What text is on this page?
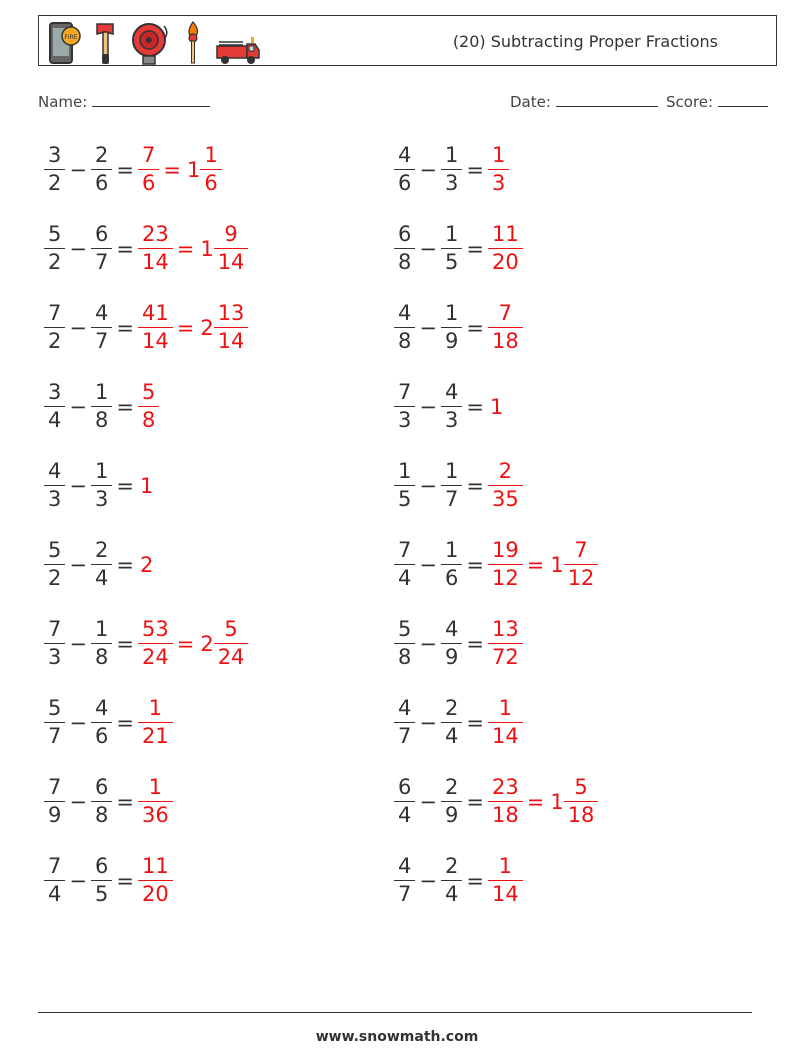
FIRE	(20) Subtracting Proper Fractions
Name:	Date:	Score:
$\frac{3}{2} - \frac{2}{6} = \frac{7}{6} = 1 \frac{1}{6}$	$\frac{4}{6} - \frac{1}{3} = \frac{1}{3}$
$\frac{5}{2} - \frac{6}{7} = \frac{23}{14} = 1 \frac{9}{14}$	$\frac{6}{8} - \frac{1}{5} = \frac{11}{20}$
$\frac{7}{2} - \frac{4}{7} = \frac{41}{14} = 2 \frac{13}{14}$	$\frac{4}{8} - \frac{1}{9} = \frac{7}{18}$
$\frac{3}{4} - \frac{1}{8} = \frac{5}{8}$	$\frac{7}{3} - \frac{4}{3} = 1$
$\frac{4}{3} - \frac{1}{3} = 1$	$\frac{1}{5} - \frac{1}{7} = \frac{2}{35}$
$\frac{5}{2} - \frac{2}{4} = 2$	$\frac{7}{4} - \frac{1}{6} = \frac{19}{12} = 1 \frac{7}{12}$
$\frac{7}{3} - \frac{1}{8} = \frac{53}{24} = 2 \frac{5}{24}$	$\frac{5}{8} - \frac{4}{9} = \frac{13}{72}$
$\frac{5}{7} - \frac{4}{6} = \frac{1}{21}$	$\frac{4}{7} - \frac{2}{4} = \frac{1}{14}$
$\frac{7}{9} - \frac{6}{8} = \frac{1}{36}$	$\frac{6}{4} - \frac{2}{9} = \frac{23}{18} = 1 \frac{5}{18}$
$\frac{7}{4} - \frac{6}{5} = \frac{11}{20}$	$\frac{4}{7} - \frac{2}{4} = \frac{1}{14}$
www.snowmath.com
